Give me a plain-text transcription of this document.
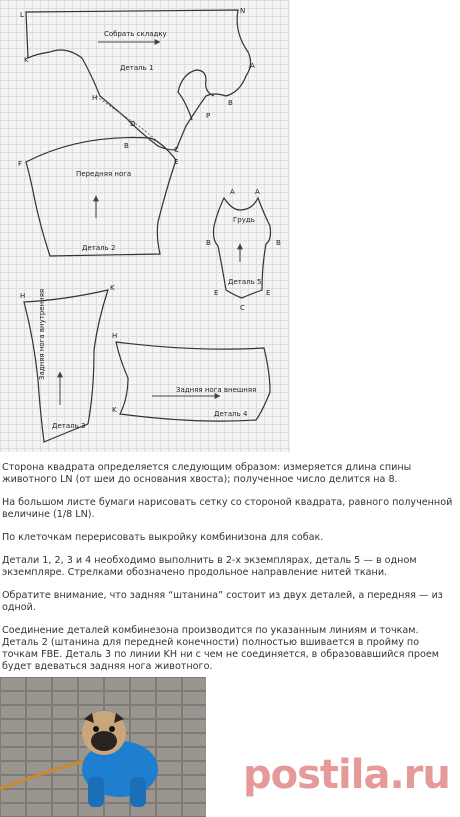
L	N
K
A
H
B
D
P
C
B
E
F
A	A
B	B
E	E
C
H
K
H
K
Собрать складку
Деталь 1
Передняя нога
Деталь 2
Грудь
Деталь 5
Деталь 3
Задняя нога внутренняя
Задняя нога внешняя
Деталь 4

Сторона квадрата определяется следующим образом: измеряется длина спины животного LN (от шеи до основания хвоста); полученное число делится на 8.

На большом листе бумаги нарисовать сетку со стороной квадрата, равного полученной величине (1/8 LN).

По клеточкам перерисовать выкройку комбинизона для собак.

Детали 1, 2, 3 и 4 необходимо выполнить в 2-х экземплярах, деталь 5 — в одном экземпляре. Стрелками обозначено продольное направление нитей ткани.

Обратите внимание, что задняя “штанина” состоит из двух деталей, а передняя — из одной.

Соединение деталей комбинезона производится по указанным линиям и точкам. Деталь 2 (штанина для передней конечности) полностью вшивается в пройму по точкам FBE. Деталь 3 по линии KH ни с чем не соединяется, в образовавшийся проем будет вдеваться задняя нога животного.

postila.ru
